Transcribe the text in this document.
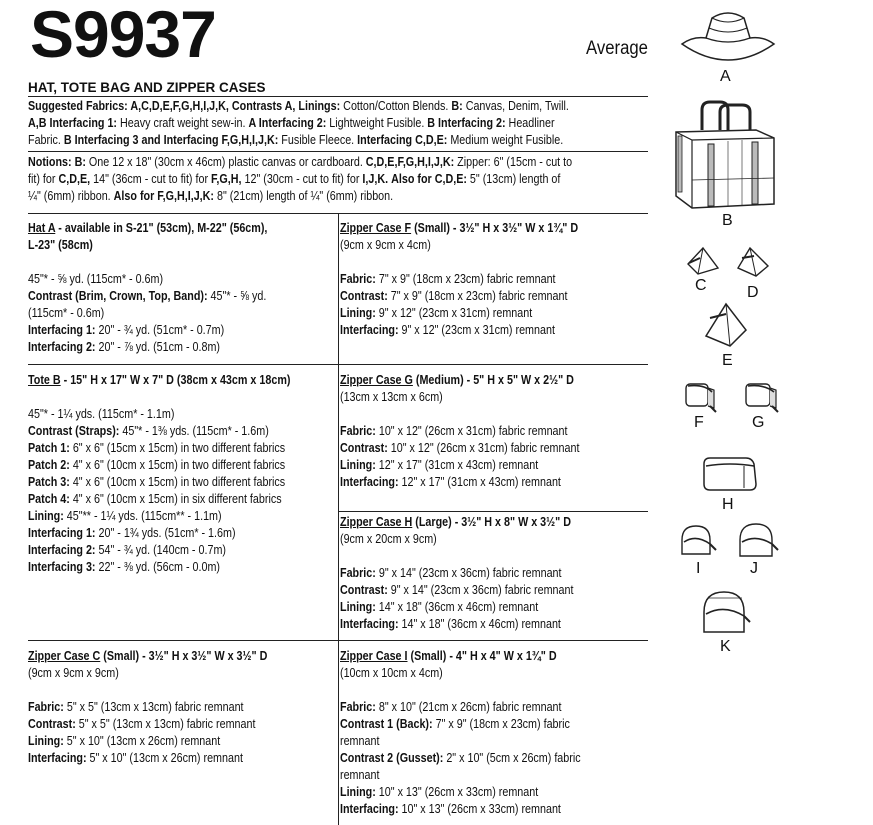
S9937	Average
HAT, TOTE BAG AND ZIPPER CASES
Suggested Fabrics: A,C,D,E,F,G,H,I,J,K, Contrasts A, Linings: Cotton/Cotton Blends. B: Canvas, Denim, Twill.
A,B Interfacing 1: Heavy craft weight sew-in. A Interfacing 2: Lightweight Fusible. B Interfacing 2: Headliner
Fabric. B Interfacing 3 and Interfacing F,G,H,I,J,K: Fusible Fleece. Interfacing C,D,E: Medium weight Fusible.
Notions: B: One 12 x 18" (30cm x 46cm) plastic canvas or cardboard. C,D,E,F,G,H,I,J,K: Zipper: 6" (15cm - cut to
fit) for C,D,E, 14" (36cm - cut to fit) for F,G,H, 12" (30cm - cut to fit) for I,J,K. Also for C,D,E: 5" (13cm) length of
¼" (6mm) ribbon. Also for F,G,H,I,J,K: 8" (21cm) length of ¼" (6mm) ribbon.
Hat A - available in S-21" (53cm), M-22" (56cm),
L-23" (58cm)
45"* - ⅝ yd. (115cm* - 0.6m)
Contrast (Brim, Crown, Top, Band): 45"* - ⅝ yd.
(115cm* - 0.6m)
Interfacing 1: 20" - ¾ yd. (51cm* - 0.7m)
Interfacing 2: 20" - ⅞ yd. (51cm - 0.8m)
Tote B - 15" H x 17" W x 7" D (38cm x 43cm x 18cm)
45"* - 1¼ yds. (115cm* - 1.1m)
Contrast (Straps): 45"* - 1⅜ yds. (115cm* - 1.6m)
Patch 1: 6" x 6" (15cm x 15cm) in two different fabrics
Patch 2: 4" x 6" (10cm x 15cm) in two different fabrics
Patch 3: 4" x 6" (10cm x 15cm) in two different fabrics
Patch 4: 4" x 6" (10cm x 15cm) in six different fabrics
Lining: 45"** - 1¼ yds. (115cm** - 1.1m)
Interfacing 1: 20" - 1¾ yds. (51cm* - 1.6m)
Interfacing 2: 54" - ¾ yd. (140cm - 0.7m)
Interfacing 3: 22" - ⅜ yd. (56cm - 0.0m)
Zipper Case C (Small) - 3½" H x 3½" W x 3½" D
(9cm x 9cm x 9cm)
Fabric: 5" x 5" (13cm x 13cm) fabric remnant
Contrast: 5" x 5" (13cm x 13cm) fabric remnant
Lining: 5" x 10" (13cm x 26cm) remnant
Interfacing: 5" x 10" (13cm x 26cm) remnant
Zipper Case F (Small) - 3½" H x 3½" W x 1¾" D
(9cm x 9cm x 4cm)
Fabric: 7" x 9" (18cm x 23cm) fabric remnant
Contrast: 7" x 9" (18cm x 23cm) fabric remnant
Lining: 9" x 12" (23cm x 31cm) remnant
Interfacing: 9" x 12" (23cm x 31cm) remnant
Zipper Case G (Medium) - 5" H x 5" W x 2½" D
(13cm x 13cm x 6cm)
Fabric: 10" x 12" (26cm x 31cm) fabric remnant
Contrast: 10" x 12" (26cm x 31cm) fabric remnant
Lining: 12" x 17" (31cm x 43cm) remnant
Interfacing: 12" x 17" (31cm x 43cm) remnant
Zipper Case H (Large) - 3½" H x 8" W x 3½" D
(9cm x 20cm x 9cm)
Fabric: 9" x 14" (23cm x 36cm) fabric remnant
Contrast: 9" x 14" (23cm x 36cm) fabric remnant
Lining: 14" x 18" (36cm x 46cm) remnant
Interfacing: 14" x 18" (36cm x 46cm) remnant
Zipper Case I (Small) - 4" H x 4" W x 1¾" D
(10cm x 10cm x 4cm)
Fabric: 8" x 10" (21cm x 26cm) fabric remnant
Contrast 1 (Back): 7" x 9" (18cm x 23cm) fabric
remnant
Contrast 2 (Gusset): 2" x 10" (5cm x 26cm) fabric
remnant
Lining: 10" x 13" (26cm x 33cm) remnant
Interfacing: 10" x 13" (26cm x 33cm) remnant
A
B
C	D
E
F	G
H
I	J
K
